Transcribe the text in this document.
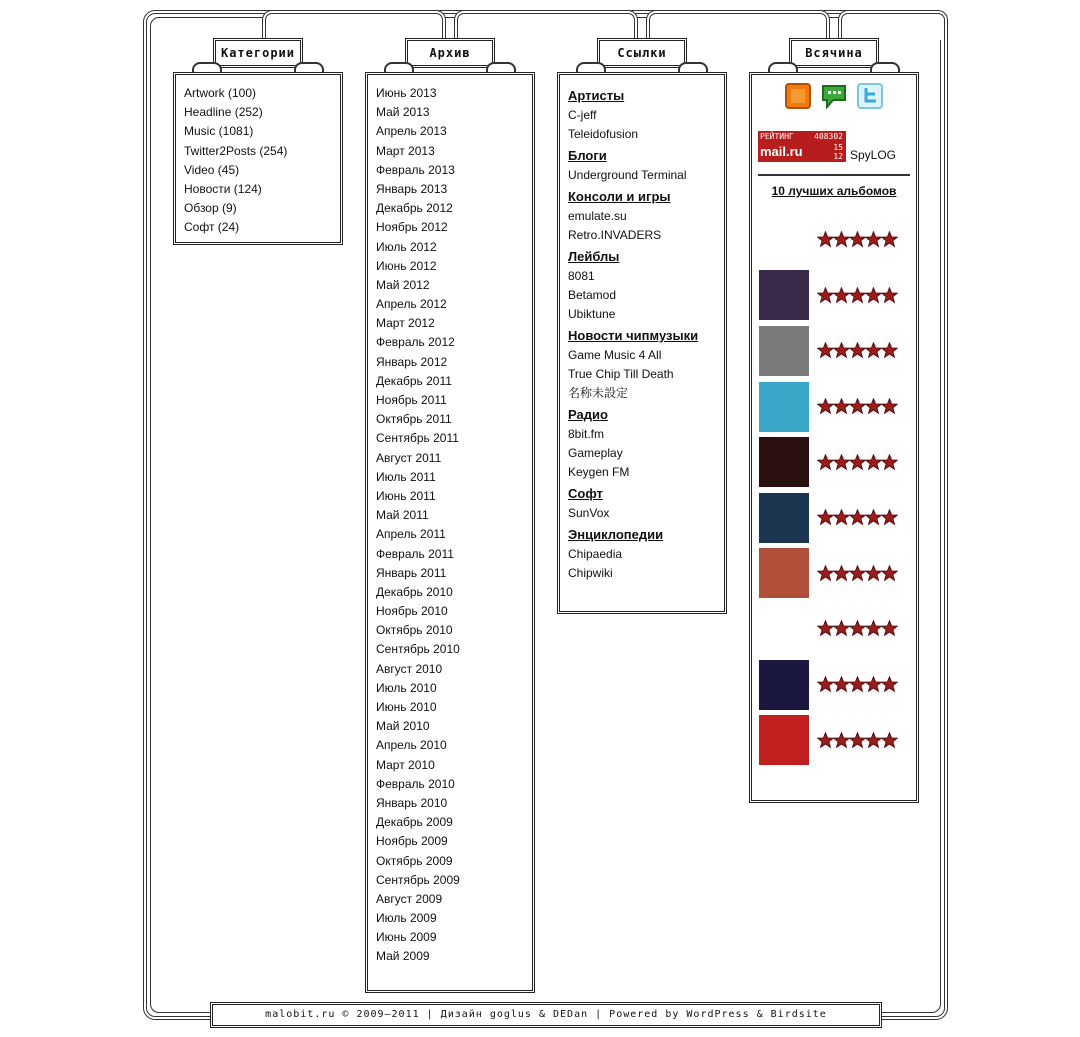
Категории
Artwork (100)
Headline (252)
Music (1081)
Twitter2Posts (254)
Video (45)
Новости (124)
Обзор (9)
Софт (24)
Архив
Июнь 2013
Май 2013
Апрель 2013
Март 2013
Февраль 2013
Январь 2013
Декабрь 2012
Ноябрь 2012
Июль 2012
Июнь 2012
Май 2012
Апрель 2012
Март 2012
Февраль 2012
Январь 2012
Декабрь 2011
Ноябрь 2011
Октябрь 2011
Сентябрь 2011
Август 2011
Июль 2011
Июнь 2011
Май 2011
Апрель 2011
Февраль 2011
Январь 2011
Декабрь 2010
Ноябрь 2010
Октябрь 2010
Сентябрь 2010
Август 2010
Июль 2010
Июнь 2010
Май 2010
Апрель 2010
Март 2010
Февраль 2010
Январь 2010
Декабрь 2009
Ноябрь 2009
Октябрь 2009
Сентябрь 2009
Август 2009
Июль 2009
Июнь 2009
Май 2009
Ссылки
Артисты
C-jeff
Teleidofusion
Блоги
Underground Terminal
Консоли и игры
emulate.su
Retro.INVADERS
Лейблы
8081
Betamod
Ubiktune
Новости чипмузыки
Game Music 4 All
True Chip Till Death
名称未設定
Радио
8bit.fm
Gameplay
Keygen FM
Софт
SunVox
Энциклопедии
Chipaedia
Chipwiki
Всячина
РЕЙТИНГ	408302
mail.ru	15
12 SpyLOG
10 лучших альбомов
malobit.ru © 2009–2011 | Дизайн goglus & DEDan | Powered by WordPress & Birdsite
